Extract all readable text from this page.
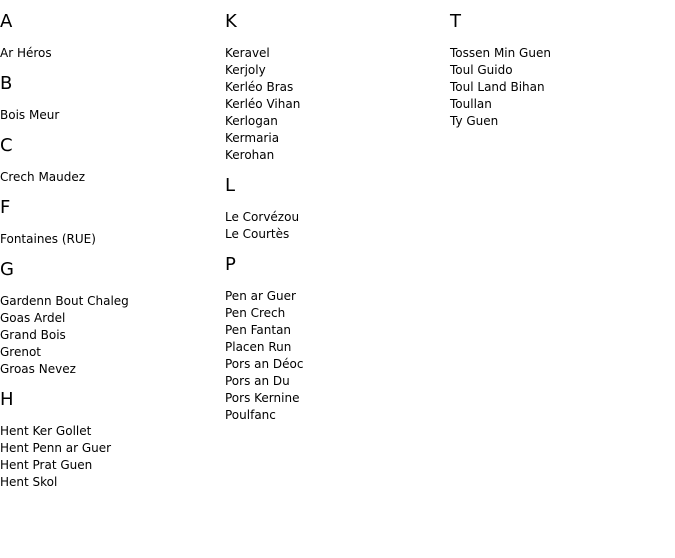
A
Ar Héros
B
Bois Meur
C
Crech Maudez
F
Fontaines (RUE)
G
Gardenn Bout Chaleg
Goas Ardel
Grand Bois
Grenot
Groas Nevez
H
Hent Ker Gollet
Hent Penn ar Guer
Hent Prat Guen
Hent Skol
K
Keravel
Kerjoly
Kerléo Bras
Kerléo Vihan
Kerlogan
Kermaria
Kerohan
L
Le Corvézou
Le Courtès
P
Pen ar Guer
Pen Crech
Pen Fantan
Placen Run
Pors an Déoc
Pors an Du
Pors Kernine
Poulfanc
T
Tossen Min Guen
Toul Guido
Toul Land Bihan
Toullan
Ty Guen
